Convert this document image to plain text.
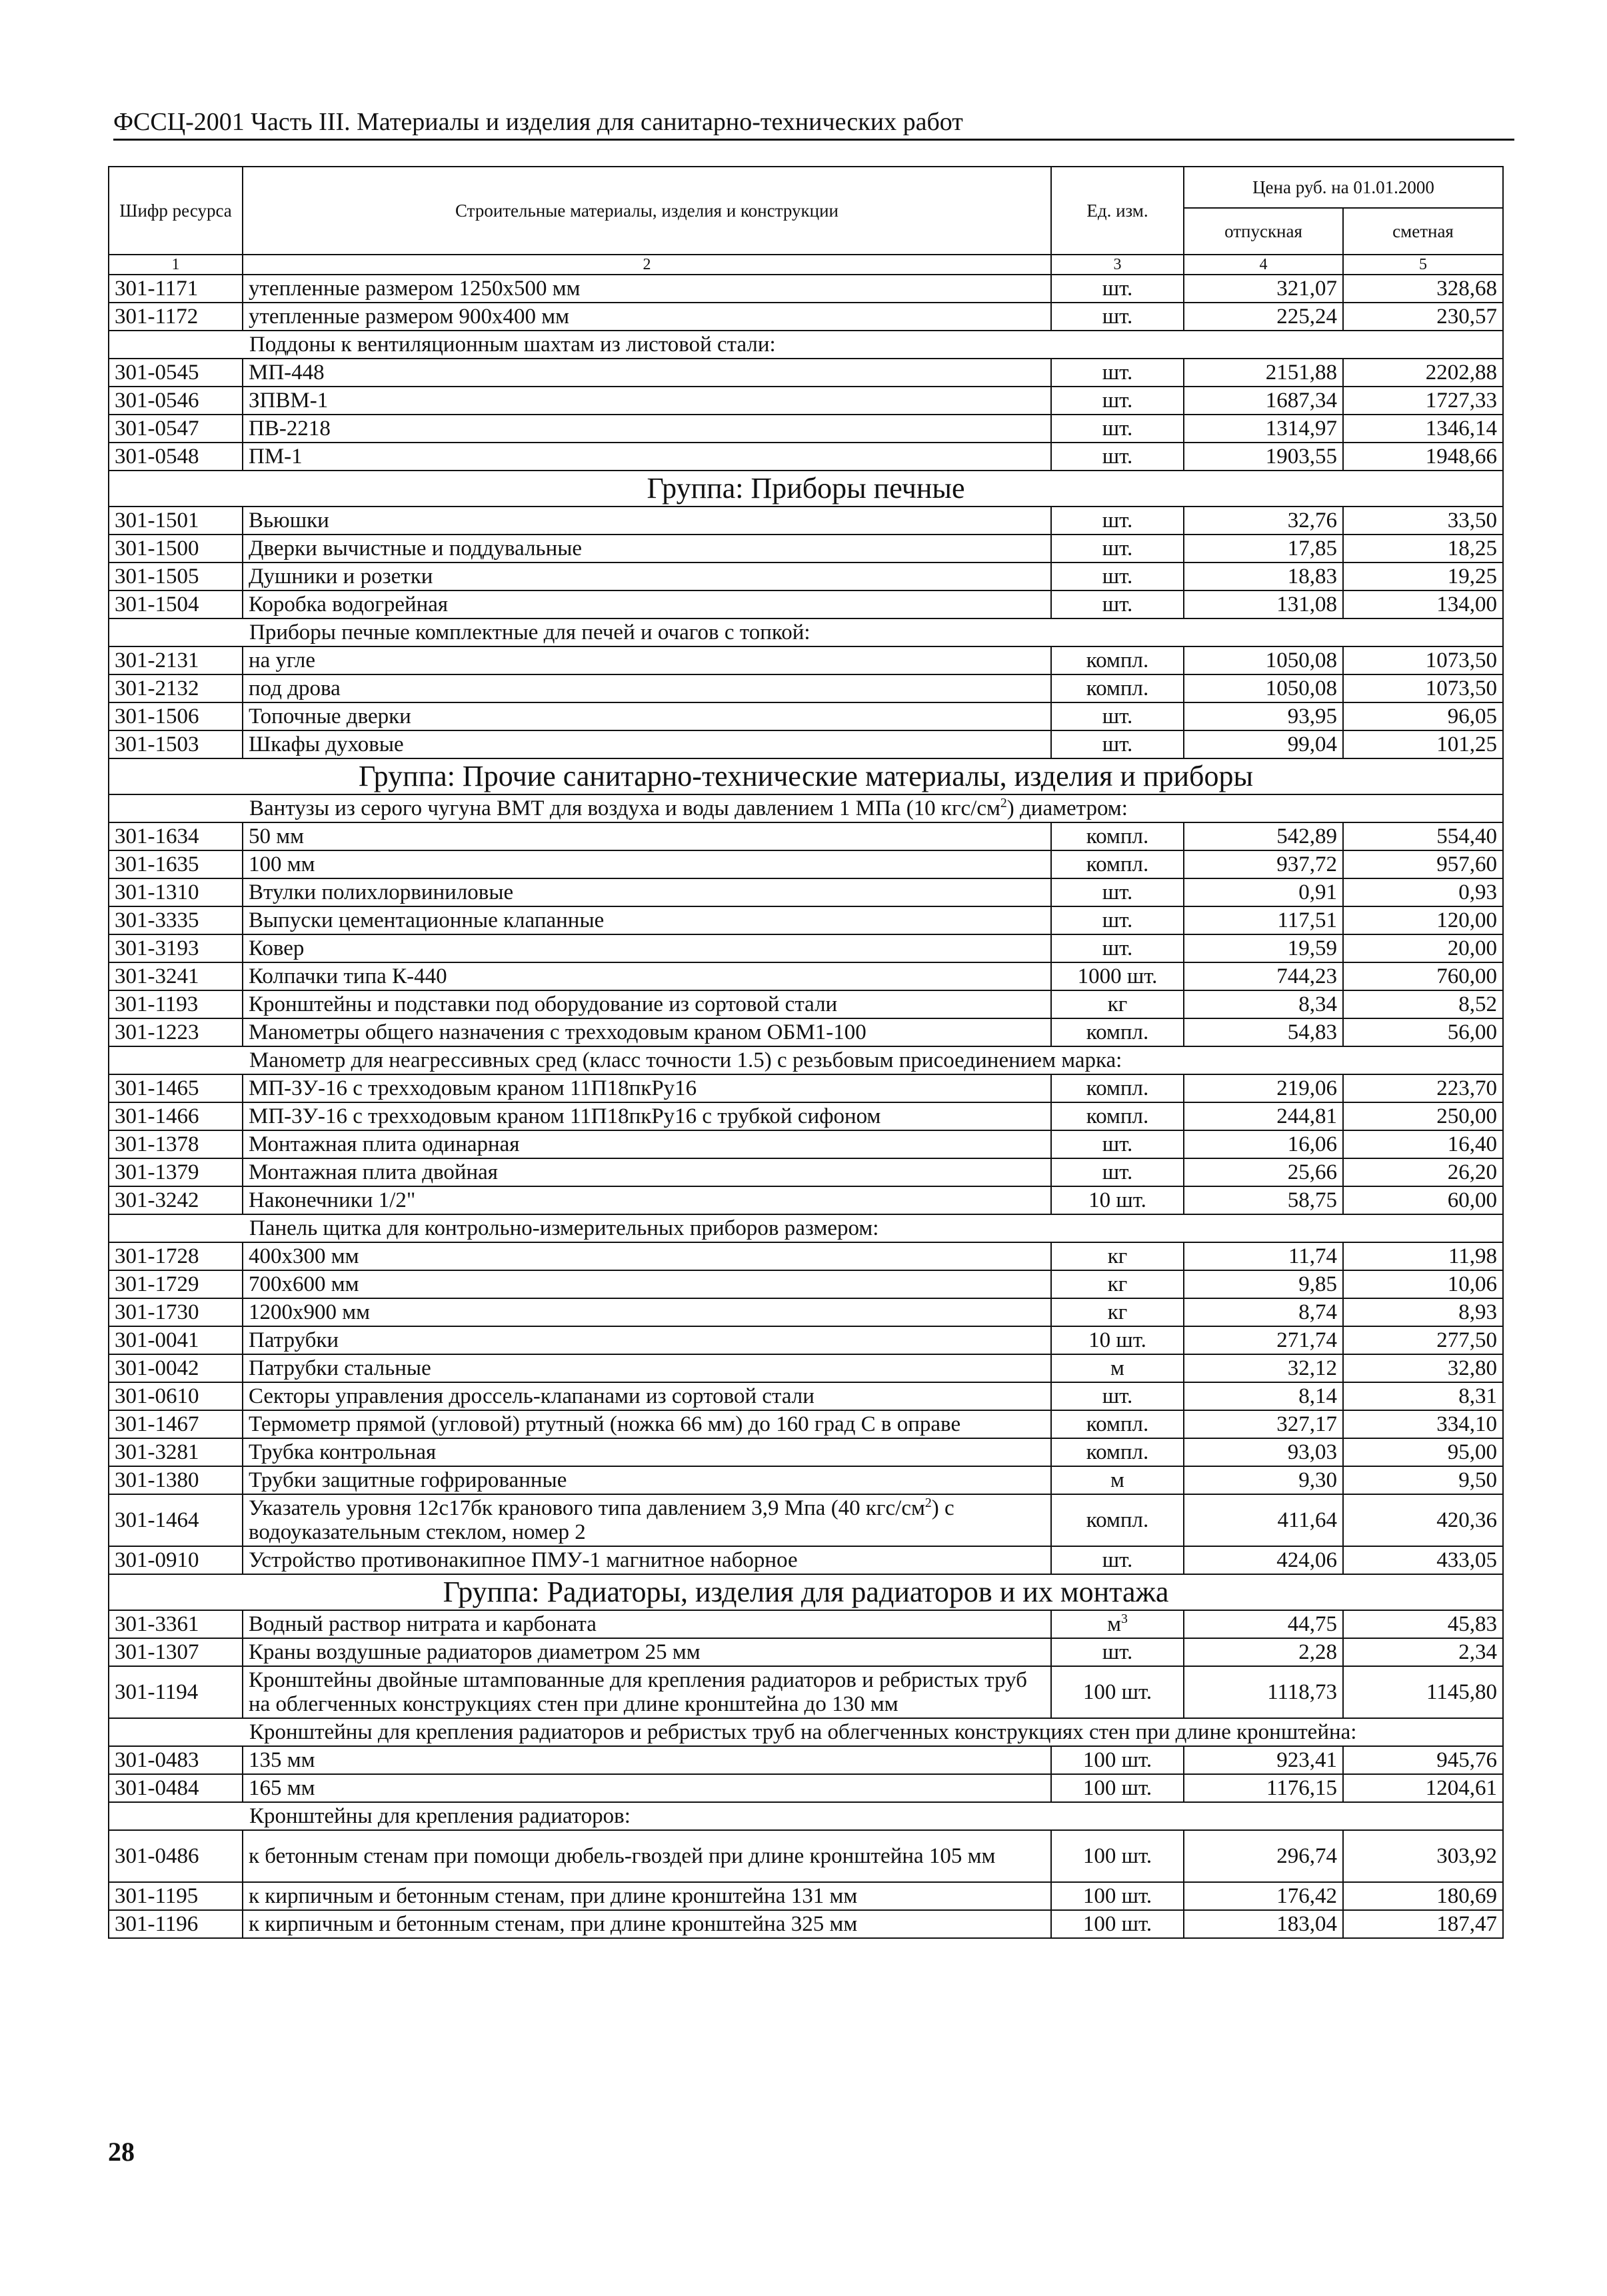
ФССЦ-2001 Часть III. Материалы и изделия для санитарно-технических работ
Шифр ресурса	Строительные материалы, изделия и конструкции	Ед. изм.	Цена руб. на 01.01.2000	
			отпускная	сметная
1	2	3	4	5
301-1171	утепленные размером 1250x500 мм	шт.	321,07	328,68
301-1172	утепленные размером 900x400 мм	шт.	225,24	230,57
Поддоны к вентиляционным шахтам из листовой стали:				
301-0545	МП-448	шт.	2151,88	2202,88
301-0546	ЗПВМ-1	шт.	1687,34	1727,33
301-0547	ПВ-2218	шт.	1314,97	1346,14
301-0548	ПМ-1	шт.	1903,55	1948,66
Группа: Приборы печные				
301-1501	Вьюшки	шт.	32,76	33,50
301-1500	Дверки вычистные и поддувальные	шт.	17,85	18,25
301-1505	Душники и розетки	шт.	18,83	19,25
301-1504	Коробка водогрейная	шт.	131,08	134,00
Приборы печные комплектные для печей и очагов с топкой:				
301-2131	на угле	компл.	1050,08	1073,50
301-2132	под дрова	компл.	1050,08	1073,50
301-1506	Топочные дверки	шт.	93,95	96,05
301-1503	Шкафы духовые	шт.	99,04	101,25
Группа: Прочие санитарно-технические материалы, изделия и приборы				
Вантузы из серого чугуна ВМТ для воздуха и воды давлением 1 МПа (10 кгс/$см^2$) диаметром:				
301-1634	50 мм	компл.	542,89	554,40
301-1635	100 мм	компл.	937,72	957,60
301-1310	Втулки полихлорвиниловые	шт.	0,91	0,93
301-3335	Выпуски цементационные клапанные	шт.	117,51	120,00
301-3193	Ковер	шт.	19,59	20,00
301-3241	Колпачки типа К-440	1000 шт.	744,23	760,00
301-1193	Кронштейны и подставки под оборудование из сортовой стали	кг	8,34	8,52
301-1223	Манометры общего назначения с трехходовым краном ОБМ1-100	компл.	54,83	56,00
Манометр для неагрессивных сред (класс точности 1.5) с резьбовым присоединением марка:				
301-1465	МП-3У-16 с трехходовым краном 11П18пкРу16	компл.	219,06	223,70
301-1466	МП-3У-16 с трехходовым краном 11П18пкРу16 с трубкой сифоном	компл.	244,81	250,00
301-1378	Монтажная плита одинарная	шт.	16,06	16,40
301-1379	Монтажная плита двойная	шт.	25,66	26,20
301-3242	Наконечники 1/2"	10 шт.	58,75	60,00
Панель щитка для контрольно-измерительных приборов размером:				
301-1728	400x300 мм	кг	11,74	11,98
301-1729	700x600 мм	кг	9,85	10,06
301-1730	1200x900 мм	кг	8,74	8,93
301-0041	Патрубки	10 шт.	271,74	277,50
301-0042	Патрубки стальные	м	32,12	32,80
301-0610	Секторы управления дроссель-клапанами из сортовой стали	шт.	8,14	8,31
301-1467	Термометр прямой (угловой) ртутный (ножка 66 мм) до 160 град С в оправе	компл.	327,17	334,10
301-3281	Трубка контрольная	компл.	93,03	95,00
301-1380	Трубки защитные гофрированные	м	9,30	9,50
301-1464	Указатель уровня 12с17бк кранового типа давлением 3,9 Мпа (40 кгс/$см^2$) с водоуказательным стеклом, номер 2	компл.	411,64	420,36
301-0910	Устройство противонакипное ПМУ-1 магнитное наборное	шт.	424,06	433,05
Группа: Радиаторы, изделия для радиаторов и их монтажа				
301-3361	Водный раствор нитрата и карбоната	$м^3$	44,75	45,83
301-1307	Краны воздушные радиаторов диаметром 25 мм	шт.	2,28	2,34
301-1194	Кронштейны двойные штампованные для крепления радиаторов и ребристых труб на облегченных конструкциях стен при длине кронштейна до 130 мм	100 шт.	1118,73	1145,80
Кронштейны для крепления радиаторов и ребристых труб на облегченных конструкциях стен при длине кронштейна:				
301-0483	135 мм	100 шт.	923,41	945,76
301-0484	165 мм	100 шт.	1176,15	1204,61
Кронштейны для крепления радиаторов:				
301-0486	к бетонным стенам при помощи дюбель-гвоздей при длине кронштейна 105 мм	100 шт.	296,74	303,92
301-1195	к кирпичным и бетонным стенам, при длине кронштейна 131 мм	100 шт.	176,42	180,69
301-1196	к кирпичным и бетонным стенам, при длине кронштейна 325 мм	100 шт.	183,04	187,47
28
